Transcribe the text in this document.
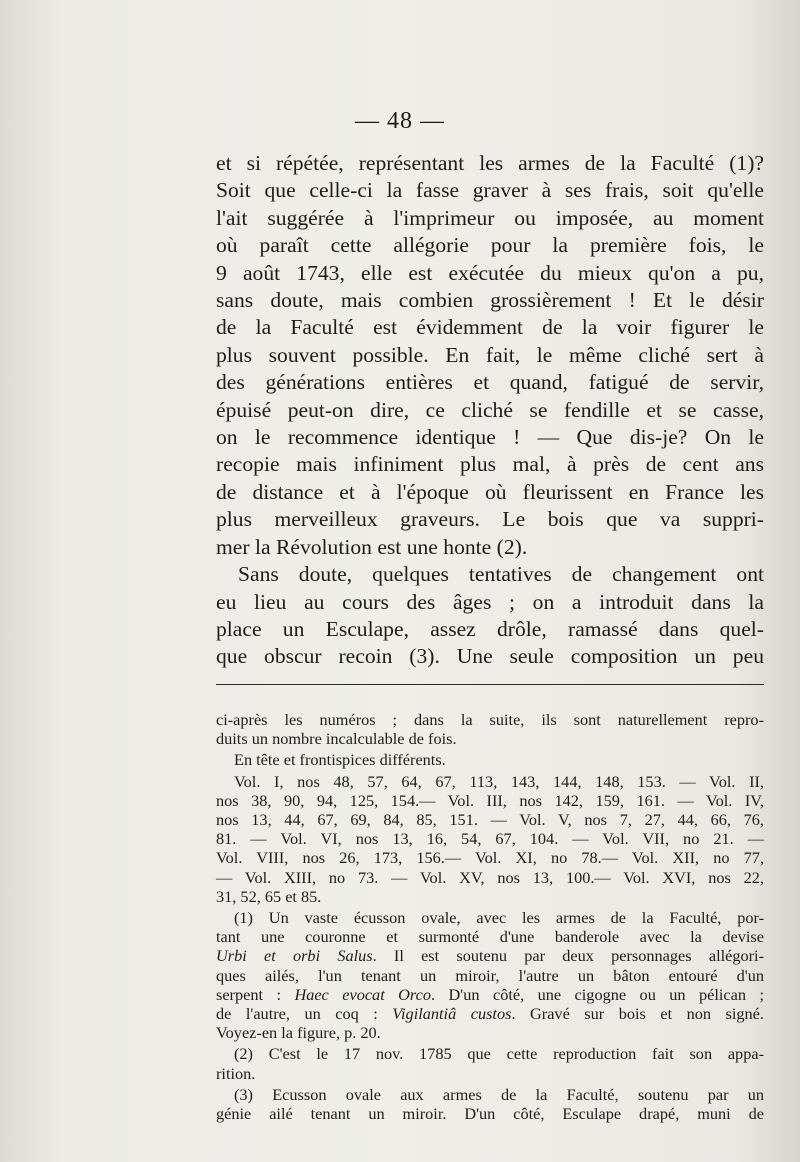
— 48 —
et si répétée, représentant les armes de la Faculté (1)?
Soit que celle-ci la fasse graver à ses frais, soit qu'elle
l'ait suggérée à l'imprimeur ou imposée, au moment
où paraît cette allégorie pour la première fois, le
9 août 1743, elle est exécutée du mieux qu'on a pu,
sans doute, mais combien grossièrement ! Et le désir
de la Faculté est évidemment de la voir figurer le
plus souvent possible. En fait, le même cliché sert à
des générations entières et quand, fatigué de servir,
épuisé peut-on dire, ce cliché se fendille et se casse,
on le recommence identique ! — Que dis-je? On le
recopie mais infiniment plus mal, à près de cent ans
de distance et à l'époque où fleurissent en France les
plus merveilleux graveurs. Le bois que va suppri-
mer la Révolution est une honte (2).
Sans doute, quelques tentatives de changement ont
eu lieu au cours des âges ; on a introduit dans la
place un Esculape, assez drôle, ramassé dans quel-
que obscur recoin (3). Une seule composition un peu
ci-après les numéros ; dans la suite, ils sont naturellement repro-
duits un nombre incalculable de fois.
En tête et frontispices différents.
Vol. I, nos 48, 57, 64, 67, 113, 143, 144, 148, 153. — Vol. II,
nos 38, 90, 94, 125, 154.— Vol. III, nos 142, 159, 161. — Vol. IV,
nos 13, 44, 67, 69, 84, 85, 151. — Vol. V, nos 7, 27, 44, 66, 76,
81. — Vol. VI, nos 13, 16, 54, 67, 104. — Vol. VII, no 21. —
Vol. VIII, nos 26, 173, 156.— Vol. XI, no 78.— Vol. XII, no 77,
— Vol. XIII, no 73. — Vol. XV, nos 13, 100.— Vol. XVI, nos 22,
31, 52, 65 et 85.
(1) Un vaste écusson ovale, avec les armes de la Faculté, por-
tant une couronne et surmonté d'une banderole avec la devise
Urbi et orbi Salus. Il est soutenu par deux personnages allégori-
ques ailés, l'un tenant un miroir, l'autre un bâton entouré d'un
serpent : Haec evocat Orco. D'un côté, une cigogne ou un pélican ;
de l'autre, un coq : Vigilantiâ custos. Gravé sur bois et non signé.
Voyez-en la figure, p. 20.
(2) C'est le 17 nov. 1785 que cette reproduction fait son appa-
rition.
(3) Ecusson ovale aux armes de la Faculté, soutenu par un
génie ailé tenant un miroir. D'un côté, Esculape drapé, muni de
